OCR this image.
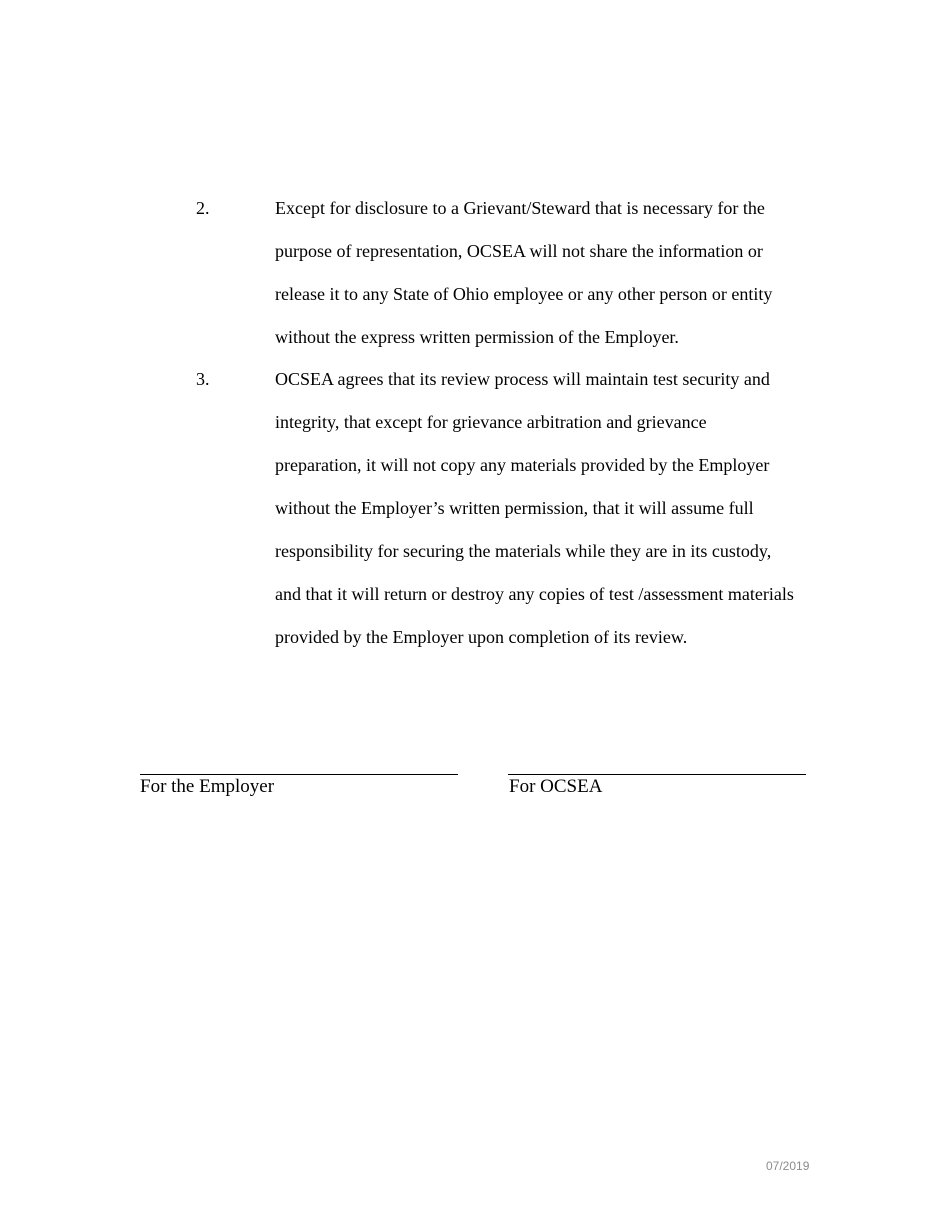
2.	Except for disclosure to a Grievant/Steward that is necessary for the purpose of representation, OCSEA will not share the information or release it to any State of Ohio employee or any other person or entity without the express written permission of the Employer.
3.	OCSEA agrees that its review process will maintain test security and integrity, that except for grievance arbitration and grievance preparation, it will not copy any materials provided by the Employer without the Employer’s written permission, that it will assume full responsibility for securing the materials while they are in its custody, and that it will return or destroy any copies of test /assessment materials provided by the Employer upon completion of its review.
For the Employer	For OCSEA
07/2019
